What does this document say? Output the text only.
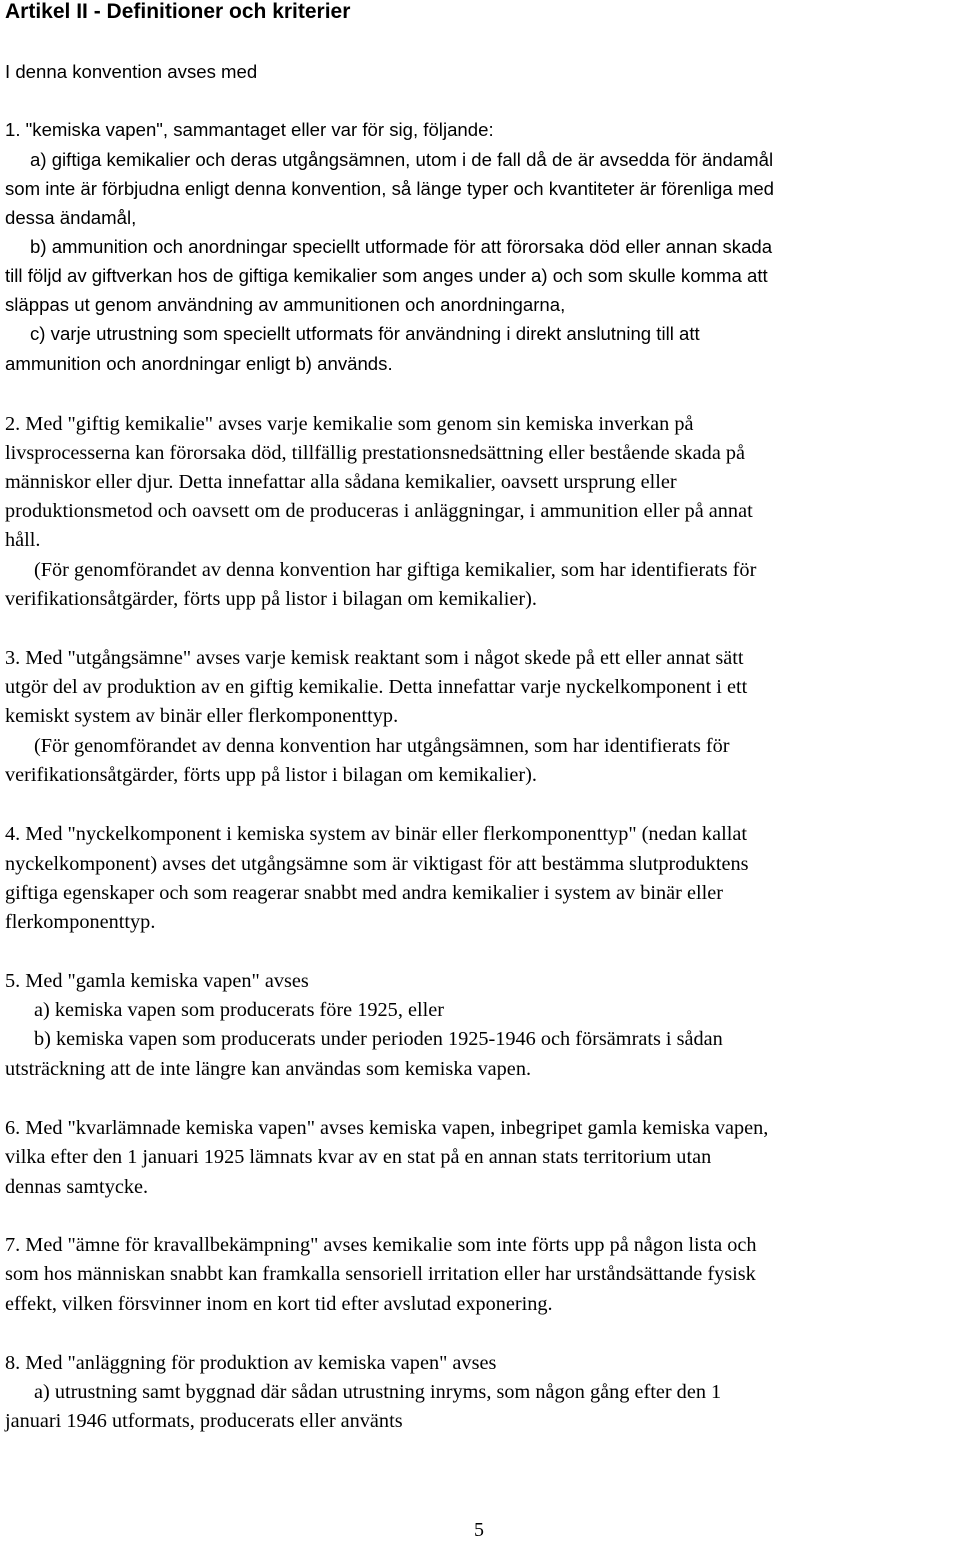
Artikel II - Definitioner och kriterier
I denna konvention avses med
1. "kemiska vapen", sammantaget eller var för sig, följande:
a) giftiga kemikalier och deras utgångsämnen, utom i de fall då de är avsedda för ändamål
som inte är förbjudna enligt denna konvention, så länge typer och kvantiteter är förenliga med
dessa ändamål,
b) ammunition och anordningar speciellt utformade för att förorsaka död eller annan skada
till följd av giftverkan hos de giftiga kemikalier som anges under a) och som skulle komma att
släppas ut genom användning av ammunitionen och anordningarna,
c) varje utrustning som speciellt utformats för användning i direkt anslutning till att
ammunition och anordningar enligt b) används.
2. Med "giftig kemikalie" avses varje kemikalie som genom sin kemiska inverkan på
livsprocesserna kan förorsaka död, tillfällig prestationsnedsättning eller bestående skada på
människor eller djur. Detta innefattar alla sådana kemikalier, oavsett ursprung eller
produktionsmetod och oavsett om de produceras i anläggningar, i ammunition eller på annat
håll.
(För genomförandet av denna konvention har giftiga kemikalier, som har identifierats för
verifikationsåtgärder, förts upp på listor i bilagan om kemikalier).
3. Med "utgångsämne" avses varje kemisk reaktant som i något skede på ett eller annat sätt
utgör del av produktion av en giftig kemikalie. Detta innefattar varje nyckelkomponent i ett
kemiskt system av binär eller flerkomponenttyp.
(För genomförandet av denna konvention har utgångsämnen, som har identifierats för
verifikationsåtgärder, förts upp på listor i bilagan om kemikalier).
4. Med "nyckelkomponent i kemiska system av binär eller flerkomponenttyp" (nedan kallat
nyckelkomponent) avses det utgångsämne som är viktigast för att bestämma slutproduktens
giftiga egenskaper och som reagerar snabbt med andra kemikalier i system av binär eller
flerkomponenttyp.
5. Med "gamla kemiska vapen" avses
a) kemiska vapen som producerats före 1925, eller
b) kemiska vapen som producerats under perioden 1925-1946 och försämrats i sådan
utsträckning att de inte längre kan användas som kemiska vapen.
6. Med "kvarlämnade kemiska vapen" avses kemiska vapen, inbegripet gamla kemiska vapen,
vilka efter den 1 januari 1925 lämnats kvar av en stat på en annan stats territorium utan
dennas samtycke.
7. Med "ämne för kravallbekämpning" avses kemikalie som inte förts upp på någon lista och
som hos människan snabbt kan framkalla sensoriell irritation eller har urståndsättande fysisk
effekt, vilken försvinner inom en kort tid efter avslutad exponering.
8. Med "anläggning för produktion av kemiska vapen" avses
a) utrustning samt byggnad där sådan utrustning inryms, som någon gång efter den 1
januari 1946 utformats, producerats eller använts
5
